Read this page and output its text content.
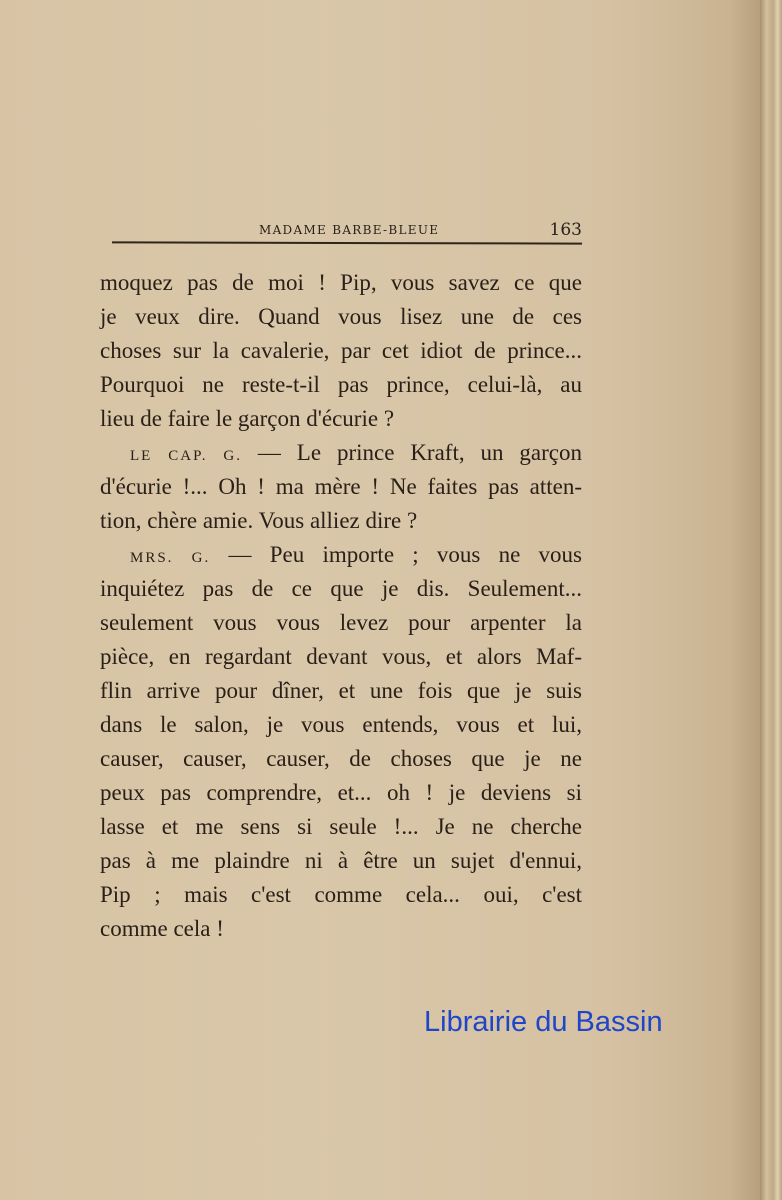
MADAME BARBE-BLEUE	163
moquez pas de moi ! Pip, vous savez ce que
je veux dire. Quand vous lisez une de ces
choses sur la cavalerie, par cet idiot de prince...
Pourquoi ne reste-t-il pas prince, celui-là, au
lieu de faire le garçon d'écurie ?
LE CAP. G. — Le prince Kraft, un garçon
d'écurie !... Oh ! ma mère ! Ne faites pas atten-
tion, chère amie. Vous alliez dire ?
MRS. G. — Peu importe ; vous ne vous
inquiétez pas de ce que je dis. Seulement...
seulement vous vous levez pour arpenter la
pièce, en regardant devant vous, et alors Maf-
flin arrive pour dîner, et une fois que je suis
dans le salon, je vous entends, vous et lui,
causer, causer, causer, de choses que je ne
peux pas comprendre, et... oh ! je deviens si
lasse et me sens si seule !... Je ne cherche
pas à me plaindre ni à être un sujet d'ennui,
Pip ; mais c'est comme cela... oui, c'est
comme cela !
Librairie du Bassin
